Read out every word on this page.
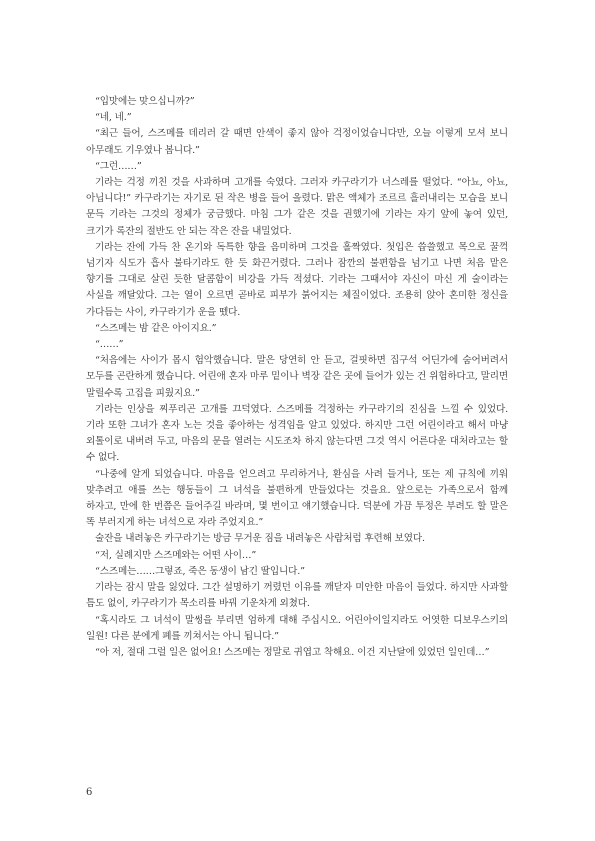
“입맛에는 맞으십니까?”

“네, 네.”

“최근 들어, 스즈메를 데리러 갈 때면 안색이 좋지 않아 걱정이었습니다만, 오늘 이렇게 모셔 보니 아무래도 기우였나 봅니다.”

“그런……”

기라는 걱정 끼친 것을 사과하며 고개를 숙였다. 그러자 카구라기가 너스레를 떨었다. “아뇨, 아뇨, 아닙니다!” 카구라기는 자기로 된 작은 병을 들어 올렸다. 맑은 액체가 조르르 흘러내리는 모습을 보니 문득 기라는 그것의 정체가 궁금했다. 마침 그가 같은 것을 권했기에 기라는 자기 앞에 놓여 있던, 크기가 록잔의 절반도 안 되는 작은 잔을 내밀었다.

기라는 잔에 가득 찬 온기와 독특한 향을 음미하며 그것을 홀짝였다. 첫입은 씁쓸했고 목으로 꿀꺽 넘기자 식도가 흡사 불타기라도 한 듯 화끈거렸다. 그러나 잠깐의 불편함을 넘기고 나면 처음 맡은 향기를 그대로 살린 듯한 달콤함이 비강을 가득 적셨다. 기라는 그때서야 자신이 마신 게 술이라는 사실을 깨달았다. 그는 열이 오르면 곧바로 피부가 붉어지는 체질이었다. 조용히 앉아 혼미한 정신을 가다듬는 사이, 카구라기가 운을 뗐다.

“스즈메는 밤 같은 아이지요.”

“……”

“처음에는 사이가 몹시 험악했습니다. 말은 당연히 안 듣고, 걸핏하면 집구석 어딘가에 숨어버려서 모두를 곤란하게 했습니다. 어린애 혼자 마루 밑이나 벽장 같은 곳에 들어가 있는 건 위험하다고, 말리면 말릴수록 고집을 피웠지요.”

기라는 인상을 찌푸리곤 고개를 끄덕였다. 스즈메를 걱정하는 카구라기의 진심을 느낄 수 있었다. 기라 또한 그녀가 혼자 노는 것을 좋아하는 성격임을 알고 있었다. 하지만 그런 어린이라고 해서 마냥 외톨이로 내버려 두고, 마음의 문을 열려는 시도조차 하지 않는다면 그것 역시 어른다운 대처라고는 할 수 없다.

“나중에 알게 되었습니다. 마음을 얻으려고 무리하거나, 환심을 사려 들거나, 또는 제 규칙에 끼워 맞추려고 애를 쓰는 행동들이 그 녀석을 불편하게 만들었다는 것을요. 앞으로는 가족으로서 함께 하자고, 만에 한 번쯤은 들어주길 바라며, 몇 번이고 얘기했습니다. 덕분에 가끔 투정은 부려도 할 말은 똑 부러지게 하는 녀석으로 자라 주었지요.”

술잔을 내려놓은 카구라기는 방금 무거운 짐을 내려놓은 사람처럼 후련해 보였다.

“저, 실례지만 스즈메와는 어떤 사이…”

“스즈메는……그렇죠, 죽은 동생이 남긴 딸입니다.”

기라는 잠시 말을 잃었다. 그간 설명하기 꺼렸던 이유를 깨닫자 미안한 마음이 들었다. 하지만 사과할 틈도 없이, 카구라기가 목소리를 바꿔 기운차게 외쳤다.

“혹시라도 그 녀석이 말썽을 부리면 엄하게 대해 주십시오. 어린아이일지라도 어엿한 디보우스키의 일원! 다른 분에게 폐를 끼쳐서는 아니 됩니다.”

“아 저, 절대 그럴 일은 없어요! 스즈메는 정말로 귀엽고 착해요. 이건 지난달에 있었던 일인데…”

6
